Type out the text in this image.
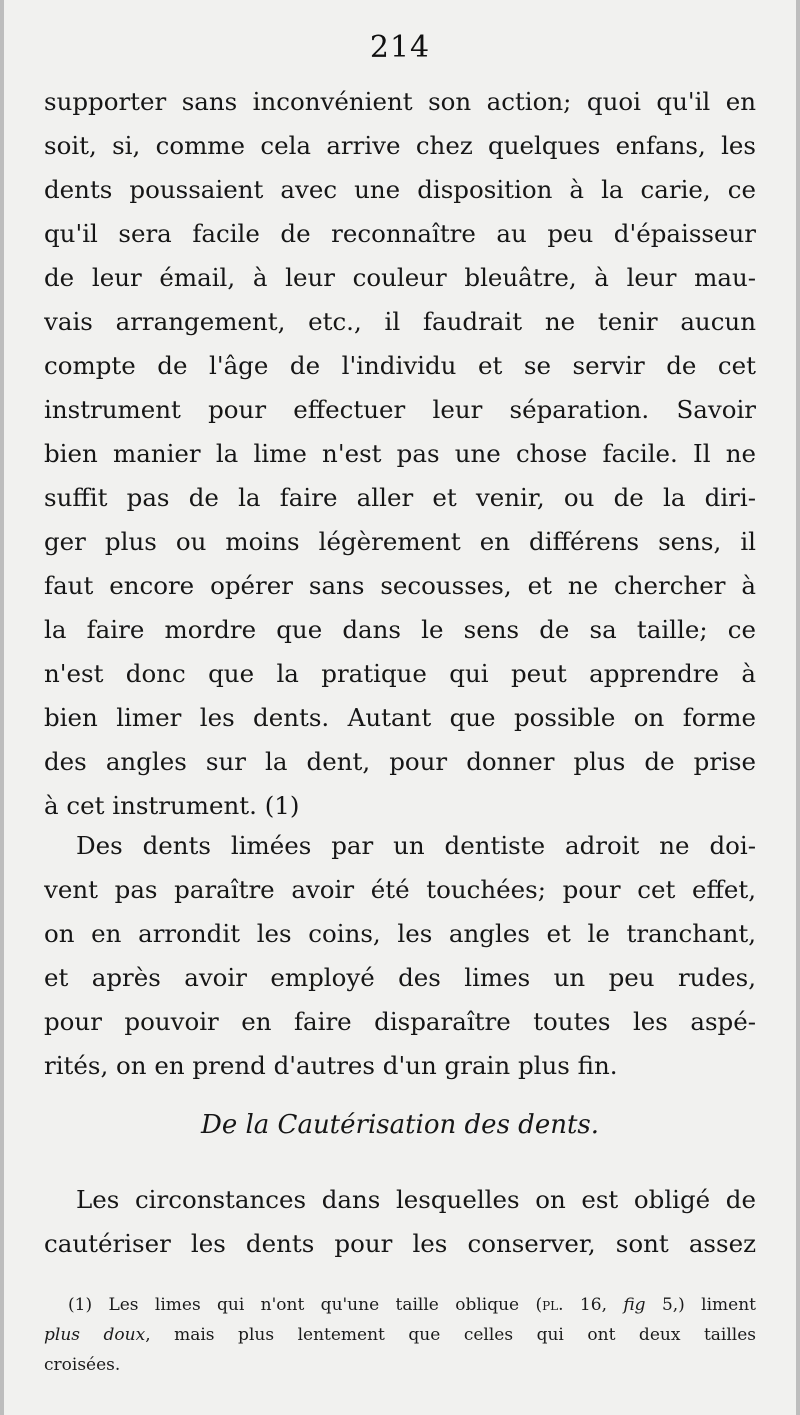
214
supporter sans inconvénient son action; quoi qu'il en
soit, si, comme cela arrive chez quelques enfans, les
dents poussaient avec une disposition à la carie, ce
qu'il sera facile de reconnaître au peu d'épaisseur
de leur émail, à leur couleur bleuâtre, à leur mau-
vais arrangement, etc., il faudrait ne tenir aucun
compte de l'âge de l'individu et se servir de cet
instrument pour effectuer leur séparation. Savoir
bien manier la lime n'est pas une chose facile. Il ne
suffit pas de la faire aller et venir, ou de la diri-
ger plus ou moins légèrement en différens sens, il
faut encore opérer sans secousses, et ne chercher à
la faire mordre que dans le sens de sa taille; ce
n'est donc que la pratique qui peut apprendre à
bien limer les dents. Autant que possible on forme
des angles sur la dent, pour donner plus de prise
à cet instrument. (1)
Des dents limées par un dentiste adroit ne doi-
vent pas paraître avoir été touchées; pour cet effet,
on en arrondit les coins, les angles et le tranchant,
et après avoir employé des limes un peu rudes,
pour pouvoir en faire disparaître toutes les aspé-
rités, on en prend d'autres d'un grain plus fin.
De la Cautérisation des dents.
Les circonstances dans lesquelles on est obligé de
cautériser les dents pour les conserver, sont assez
(1) Les limes qui n'ont qu'une taille oblique (pl. 16, fig 5,) liment
plus doux, mais plus lentement que celles qui ont deux tailles
croisées.
